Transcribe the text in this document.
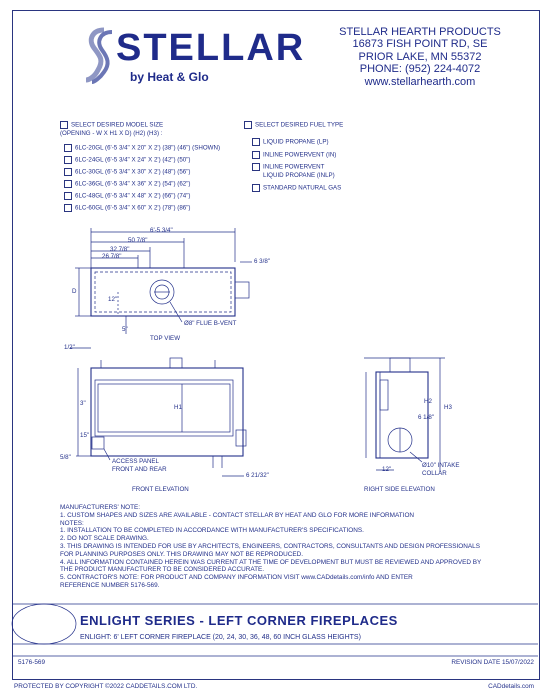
STELLAR
by Heat & Glo
STELLAR HEARTH PRODUCTS
16873 FISH POINT RD, SE
PRIOR LAKE, MN 55372
PHONE: (952) 224-4072
www.stellarhearth.com
SELECT DESIRED MODEL SIZE
(OPENING - W X H1 X D) (H2) (H3) :
6LC-20GL (6'-5 3/4" X 20" X 2') (38") (46") (SHOWN)
6LC-24GL (6'-5 3/4" X 24" X 2') (42") (50")
6LC-30GL (6'-5 3/4" X 30" X 2') (48") (56")
6LC-36GL (6'-5 3/4" X 36" X 2') (54") (62")
6LC-48GL (6'-5 3/4" X 48" X 2') (66") (74")
6LC-60GL (6'-5 3/4" X 60" X 2') (78") (86")
SELECT DESIRED FUEL TYPE
LIQUID PROPANE (LP)
INLINE POWERVENT (IN)
INLINE POWERVENT
LIQUID PROPANE (INLP)
STANDARD NATURAL GAS
6'-5 3/4"
50 7/8"
32 7/8"
26 7/8"
6 3/8"
D
12"
5"
Ø8" FLUE B-VENT
TOP VIEW
1/2"
3"
H1
15"
5/8"
6 21/32"
ACCESS PANEL
FRONT AND REAR
FRONT ELEVATION
6 1/8"
H2
H3
12"
Ø10" INTAKE
COLLAR
RIGHT SIDE ELEVATION
MANUFACTURERS' NOTE:
1. CUSTOM SHAPES AND SIZES ARE AVAILABLE - CONTACT STELLAR BY HEAT AND GLO FOR MORE INFORMATION
NOTES:
1. INSTALLATION TO BE COMPLETED IN ACCORDANCE WITH MANUFACTURER'S SPECIFICATIONS.
2. DO NOT SCALE DRAWING.
3. THIS DRAWING IS INTENDED FOR USE BY ARCHITECTS, ENGINEERS, CONTRACTORS, CONSULTANTS AND DESIGN PROFESSIONALS
FOR PLANNING PURPOSES ONLY. THIS DRAWING MAY NOT BE REPRODUCED.
4. ALL INFORMATION CONTAINED HEREIN WAS CURRENT AT THE TIME OF DEVELOPMENT BUT MUST BE REVIEWED AND APPROVED BY
THE PRODUCT MANUFACTURER TO BE CONSIDERED ACCURATE.
5. CONTRACTOR'S NOTE: FOR PRODUCT AND COMPANY INFORMATION VISIT www.CADdetails.com/info AND ENTER
REFERENCE NUMBER 5176-569.
ENLIGHT SERIES - LEFT CORNER FIREPLACES
ENLIGHT: 6' LEFT CORNER FIREPLACE (20, 24, 30, 36, 48, 60 INCH GLASS HEIGHTS)
5176-569	REVISION DATE 15/07/2022
PROTECTED BY COPYRIGHT ©2022 CADDETAILS.COM LTD.	CADdetails.com
